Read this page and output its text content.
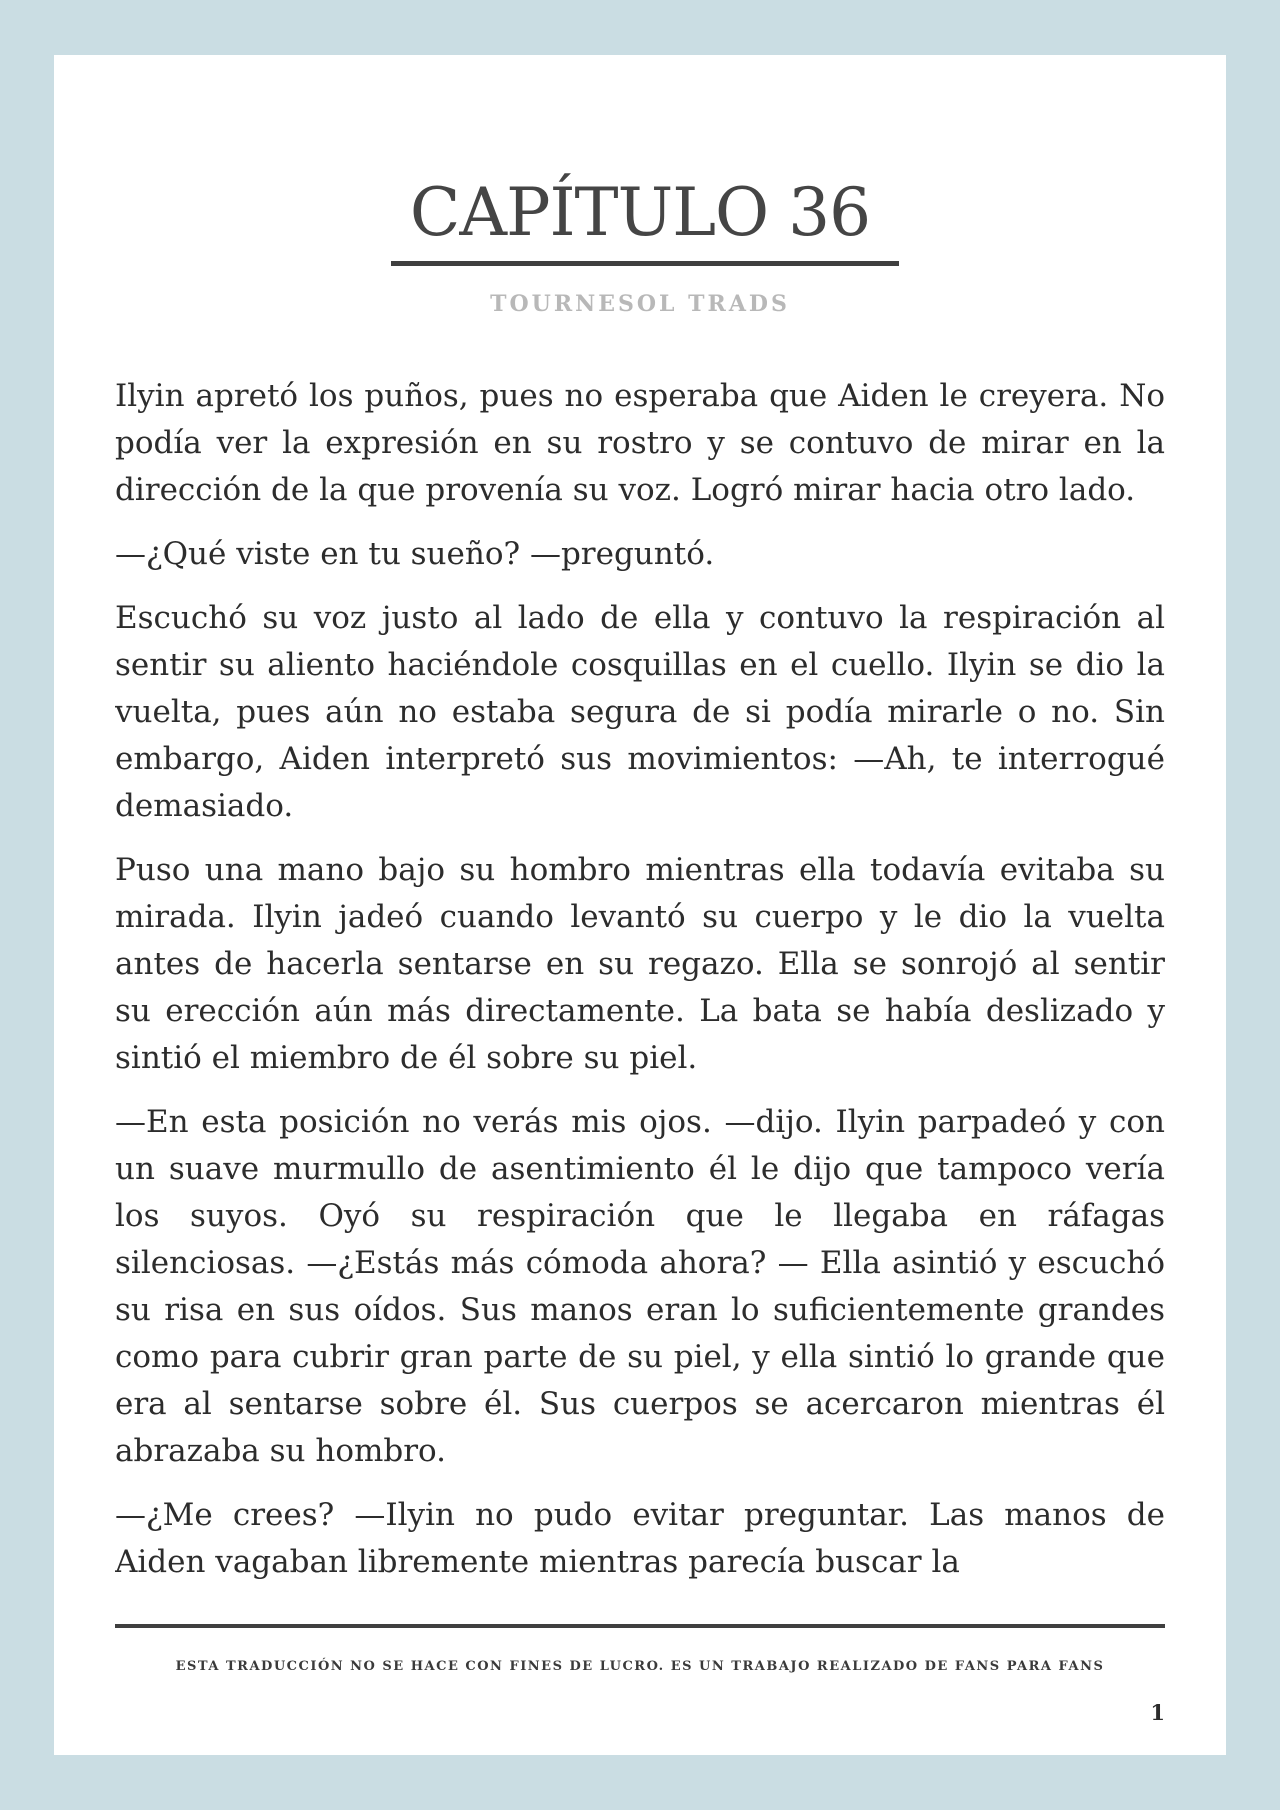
CAPÍTULO 36
TOURNESOL TRADS

Ilyin apretó los puños, pues no esperaba que Aiden le creyera. No podía ver la expresión en su rostro y se contuvo de mirar en la dirección de la que provenía su voz. Logró mirar hacia otro lado.

—¿Qué viste en tu sueño? —preguntó.

Escuchó su voz justo al lado de ella y contuvo la respiración al sentir su aliento haciéndole cosquillas en el cuello. Ilyin se dio la vuelta, pues aún no estaba segura de si podía mirarle o no. Sin embargo, Aiden interpretó sus movimientos: —Ah, te interrogué demasiado.

Puso una mano bajo su hombro mientras ella todavía evitaba su mirada. Ilyin jadeó cuando levantó su cuerpo y le dio la vuelta antes de hacerla sentarse en su regazo. Ella se sonrojó al sentir su erección aún más directamente. La bata se había deslizado y sintió el miembro de él sobre su piel.

—En esta posición no verás mis ojos. —dijo. Ilyin parpadeó y con un suave murmullo de asentimiento él le dijo que tampoco vería los suyos. Oyó su respiración que le llegaba en ráfagas silenciosas. —¿Estás más cómoda ahora? — Ella asintió y escuchó su risa en sus oídos. Sus manos eran lo suficientemente grandes como para cubrir gran parte de su piel, y ella sintió lo grande que era al sentarse sobre él. Sus cuerpos se acercaron mientras él abrazaba su hombro.

—¿Me crees? —Ilyin no pudo evitar preguntar. Las manos de Aiden vagaban libremente mientras parecía buscar la

ESTA TRADUCCIÓN NO SE HACE CON FINES DE LUCRO. ES UN TRABAJO REALIZADO DE FANS PARA FANS
1
